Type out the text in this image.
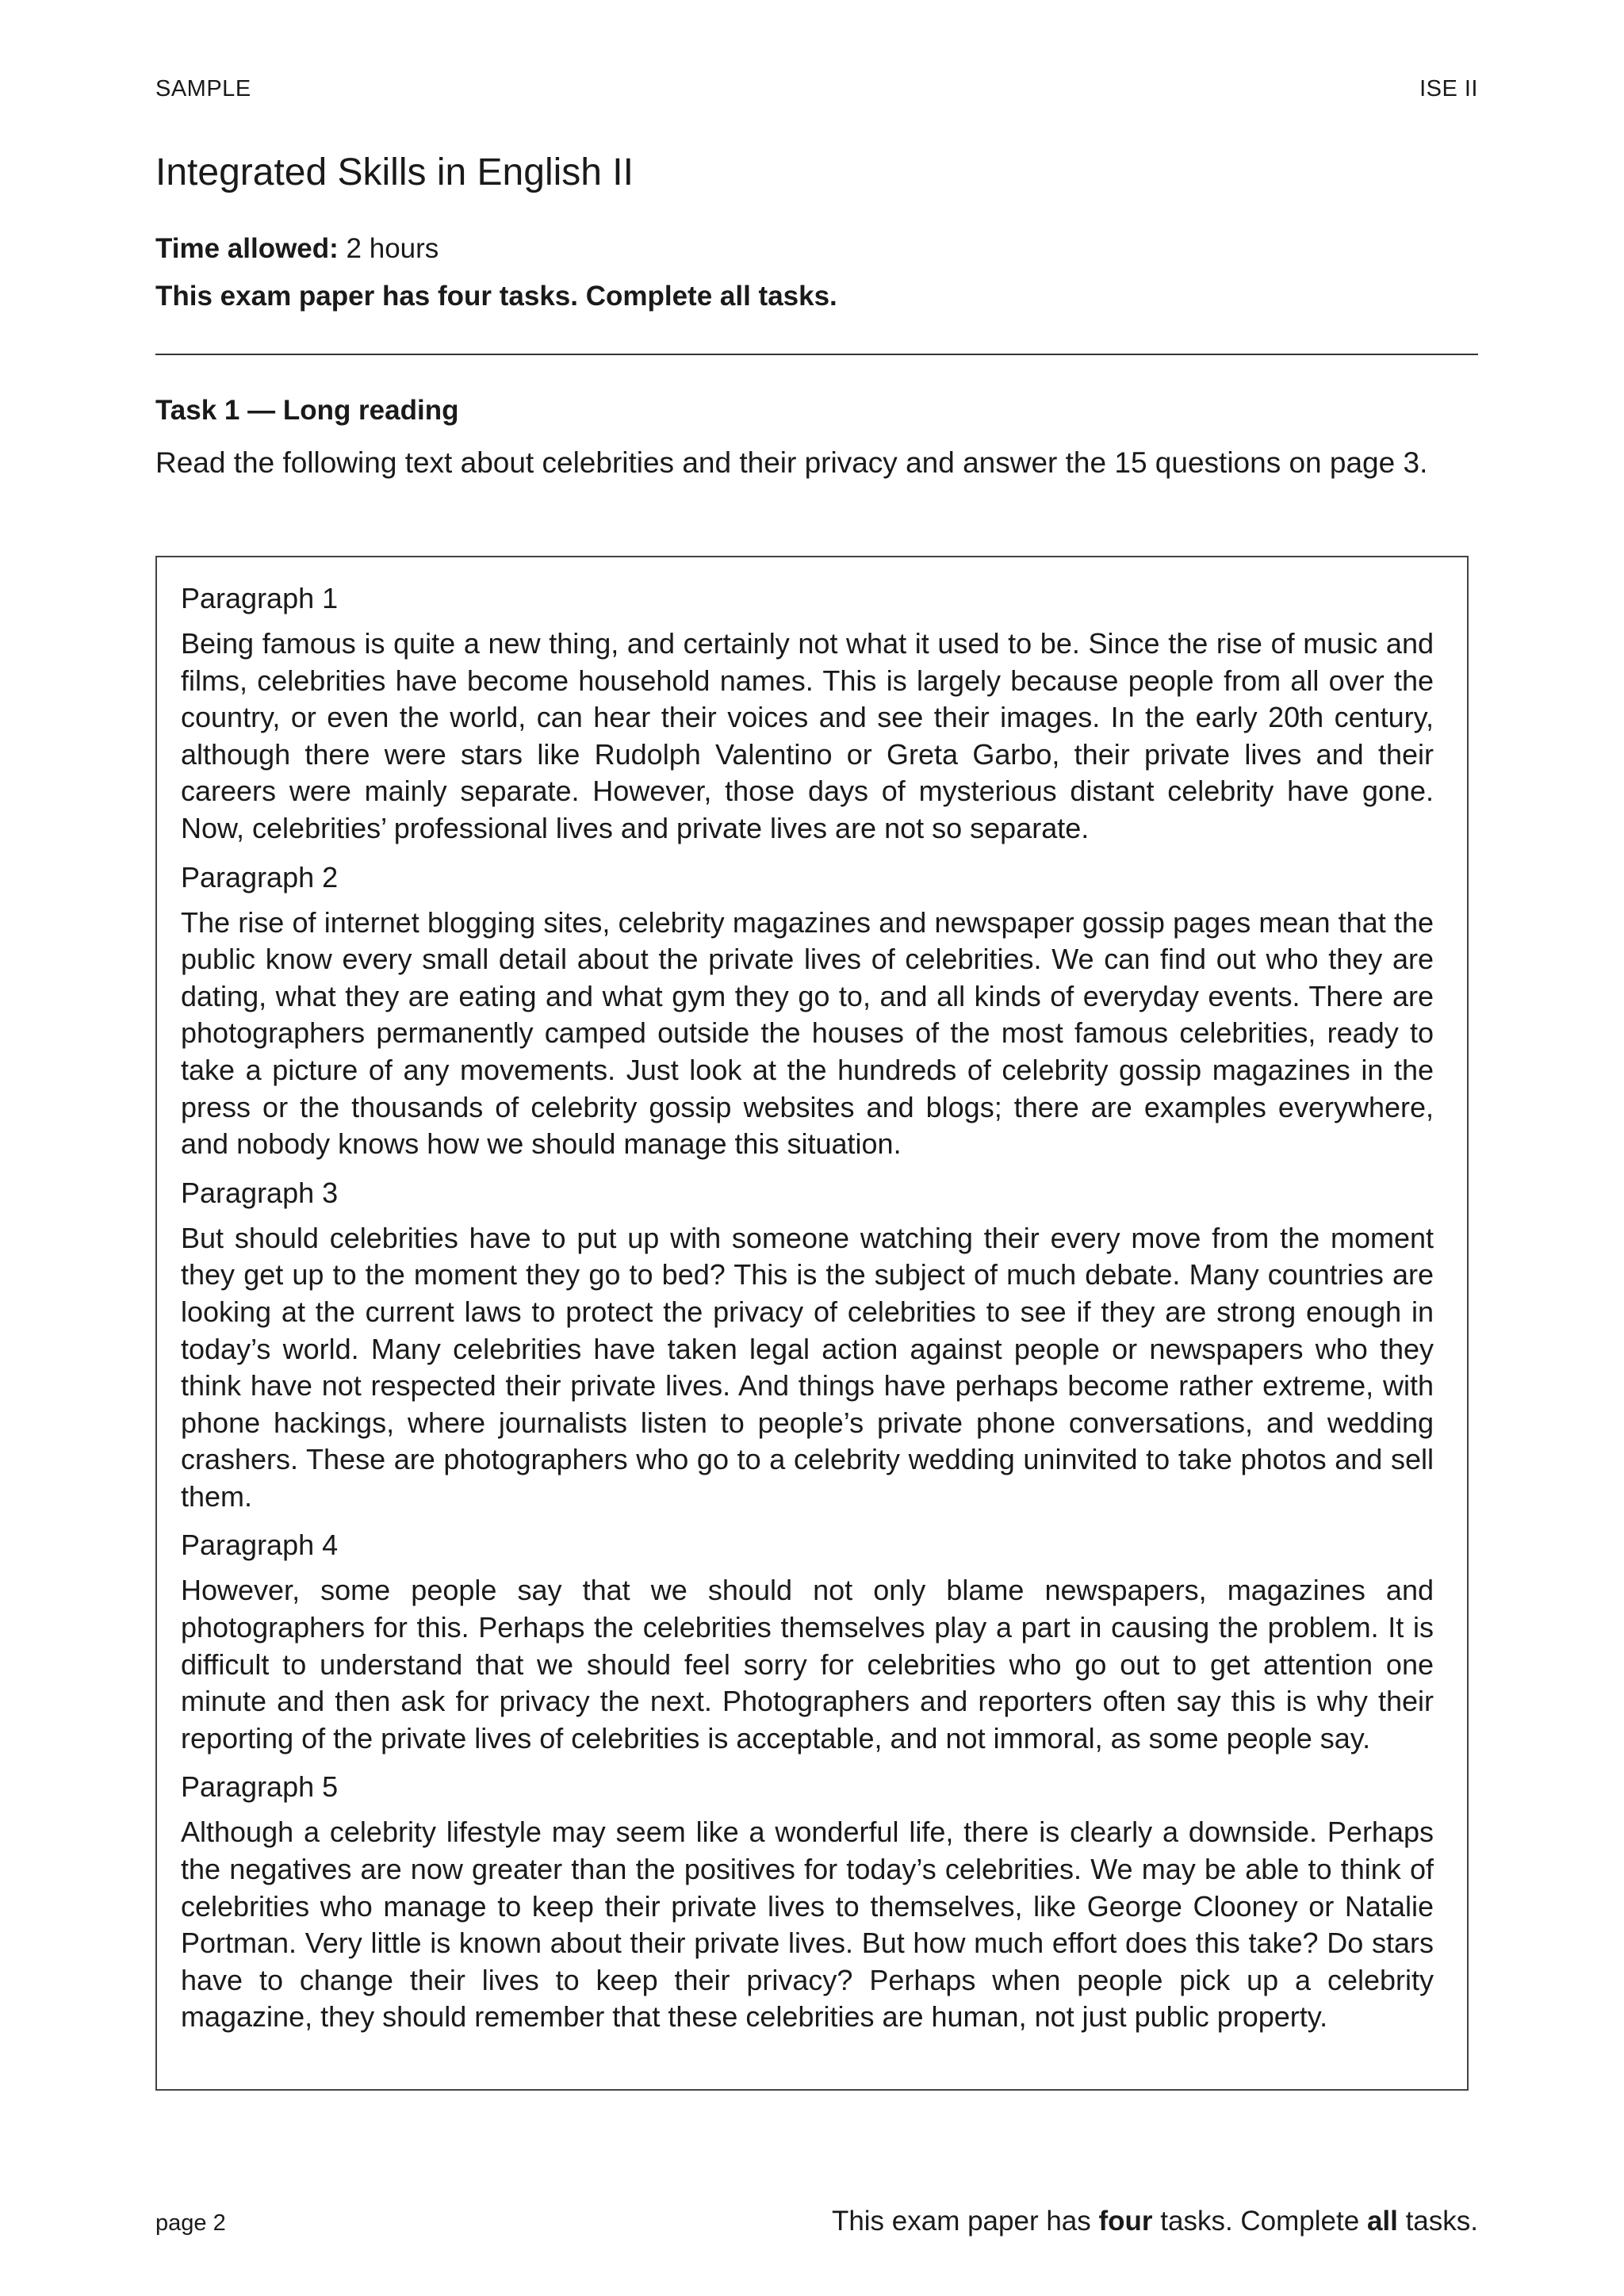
SAMPLE	ISE II
Integrated Skills in English II
Time allowed: 2 hours
This exam paper has four tasks. Complete all tasks.
Task 1 — Long reading
Read the following text about celebrities and their privacy and answer the 15 questions on page 3.
Paragraph 1

Being famous is quite a new thing, and certainly not what it used to be. Since the rise of music and films, celebrities have become household names. This is largely because people from all over the country, or even the world, can hear their voices and see their images. In the early 20th century, although there were stars like Rudolph Valentino or Greta Garbo, their private lives and their careers were mainly separate. However, those days of mysterious distant celebrity have gone. Now, celebrities’ professional lives and private lives are not so separate.

Paragraph 2

The rise of internet blogging sites, celebrity magazines and newspaper gossip pages mean that the public know every small detail about the private lives of celebrities. We can find out who they are dating, what they are eating and what gym they go to, and all kinds of everyday events. There are photographers permanently camped outside the houses of the most famous celebrities, ready to take a picture of any movements. Just look at the hundreds of celebrity gossip magazines in the press or the thousands of celebrity gossip websites and blogs; there are examples everywhere, and nobody knows how we should manage this situation.

Paragraph 3

But should celebrities have to put up with someone watching their every move from the moment they get up to the moment they go to bed? This is the subject of much debate. Many countries are looking at the current laws to protect the privacy of celebrities to see if they are strong enough in today’s world. Many celebrities have taken legal action against people or newspapers who they think have not respected their private lives. And things have perhaps become rather extreme, with phone hackings, where journalists listen to people’s private phone conversations, and wedding crashers. These are photographers who go to a celebrity wedding uninvited to take photos and sell them.

Paragraph 4

However, some people say that we should not only blame newspapers, magazines and photographers for this. Perhaps the celebrities themselves play a part in causing the problem. It is difficult to understand that we should feel sorry for celebrities who go out to get attention one minute and then ask for privacy the next. Photographers and reporters often say this is why their reporting of the private lives of celebrities is acceptable, and not immoral, as some people say.

Paragraph 5

Although a celebrity lifestyle may seem like a wonderful life, there is clearly a downside. Perhaps the negatives are now greater than the positives for today’s celebrities. We may be able to think of celebrities who manage to keep their private lives to themselves, like George Clooney or Natalie Portman. Very little is known about their private lives. But how much effort does this take? Do stars have to change their lives to keep their privacy? Perhaps when people pick up a celebrity magazine, they should remember that these celebrities are human, not just public property.

page 2	This exam paper has four tasks. Complete all tasks.
